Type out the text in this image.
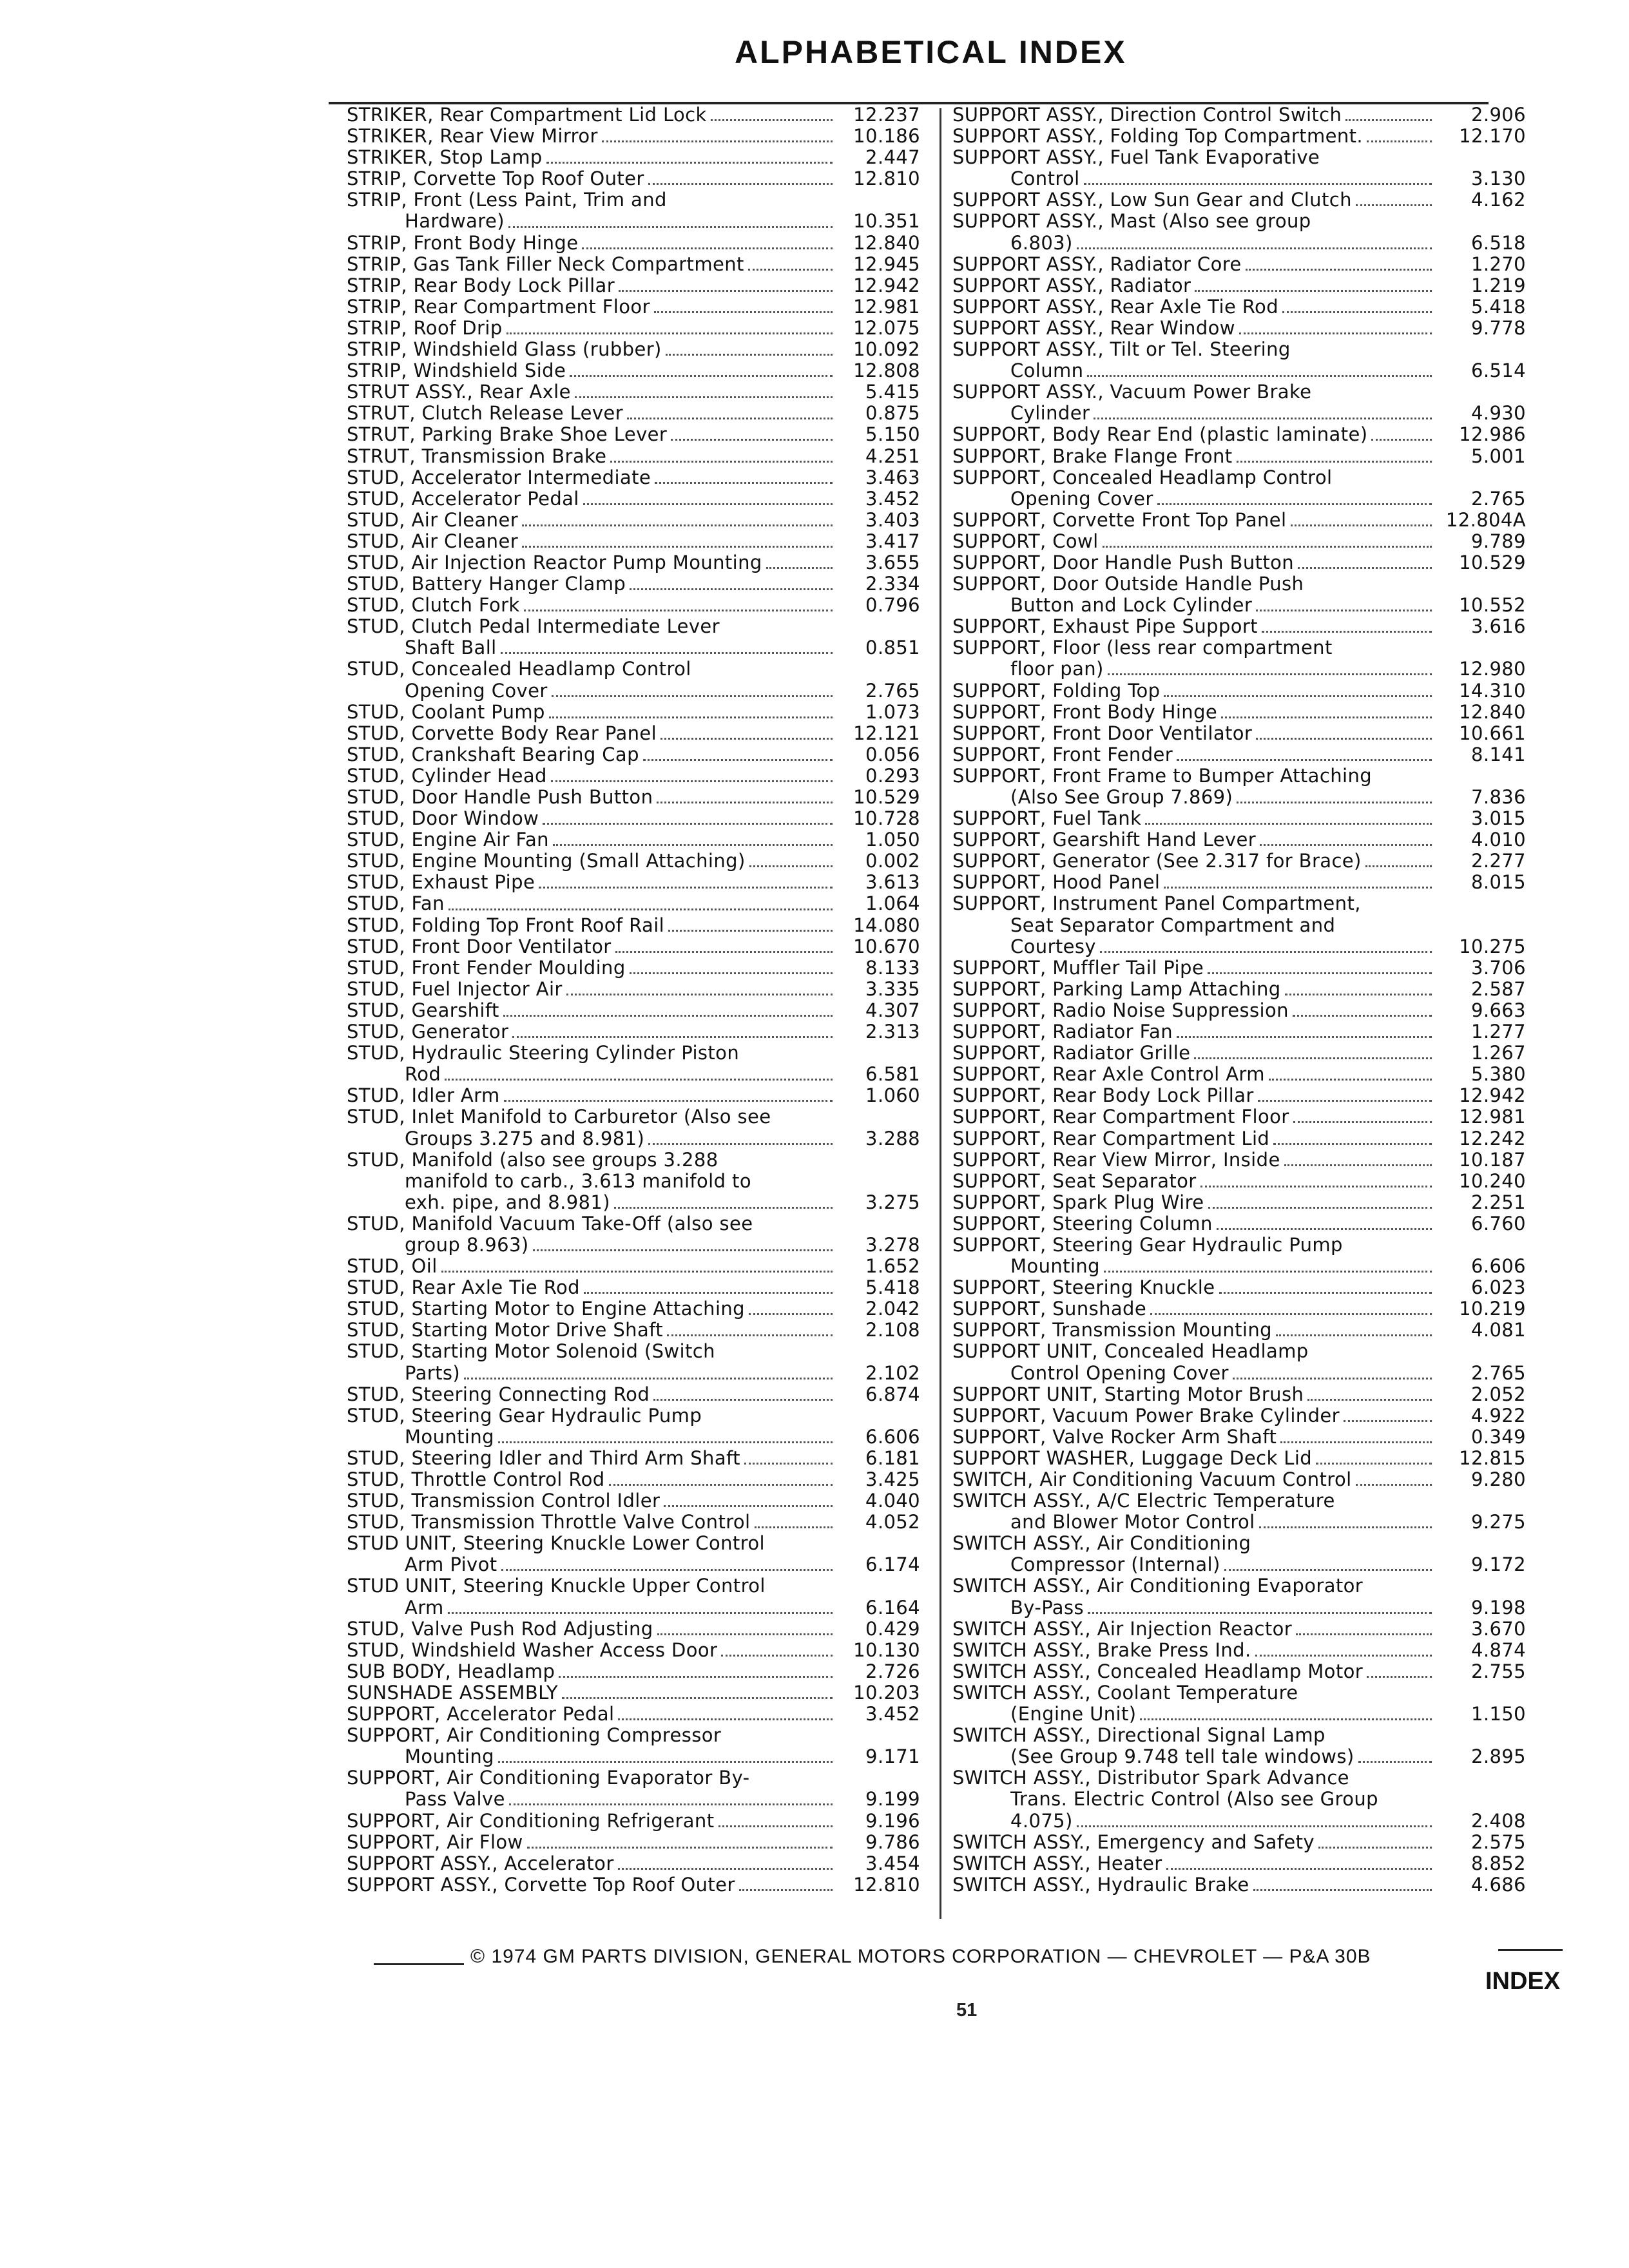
ALPHABETICAL INDEX
STRIKER, Rear Compartment Lid Lock	12.237
STRIKER, Rear View Mirror	10.186
STRIKER, Stop Lamp	2.447
STRIP, Corvette Top Roof Outer	12.810
STRIP, Front (Less Paint, Trim and
Hardware)	10.351
STRIP, Front Body Hinge	12.840
STRIP, Gas Tank Filler Neck Compartment	12.945
STRIP, Rear Body Lock Pillar	12.942
STRIP, Rear Compartment Floor	12.981
STRIP, Roof Drip	12.075
STRIP, Windshield Glass (rubber)	10.092
STRIP, Windshield Side	12.808
STRUT ASSY., Rear Axle	5.415
STRUT, Clutch Release Lever	0.875
STRUT, Parking Brake Shoe Lever	5.150
STRUT, Transmission Brake	4.251
STUD, Accelerator Intermediate	3.463
STUD, Accelerator Pedal	3.452
STUD, Air Cleaner	3.403
STUD, Air Cleaner	3.417
STUD, Air Injection Reactor Pump Mounting	3.655
STUD, Battery Hanger Clamp	2.334
STUD, Clutch Fork	0.796
STUD, Clutch Pedal Intermediate Lever
Shaft Ball	0.851
STUD, Concealed Headlamp Control
Opening Cover	2.765
STUD, Coolant Pump	1.073
STUD, Corvette Body Rear Panel	12.121
STUD, Crankshaft Bearing Cap	0.056
STUD, Cylinder Head	0.293
STUD, Door Handle Push Button	10.529
STUD, Door Window	10.728
STUD, Engine Air Fan	1.050
STUD, Engine Mounting (Small Attaching)	0.002
STUD, Exhaust Pipe	3.613
STUD, Fan	1.064
STUD, Folding Top Front Roof Rail	14.080
STUD, Front Door Ventilator	10.670
STUD, Front Fender Moulding	8.133
STUD, Fuel Injector Air	3.335
STUD, Gearshift	4.307
STUD, Generator	2.313
STUD, Hydraulic Steering Cylinder Piston
Rod	6.581
STUD, Idler Arm	1.060
STUD, Inlet Manifold to Carburetor (Also see
Groups 3.275 and 8.981)	3.288
STUD, Manifold (also see groups 3.288
manifold to carb., 3.613 manifold to
exh. pipe, and 8.981)	3.275
STUD, Manifold Vacuum Take-Off (also see
group 8.963)	3.278
STUD, Oil	1.652
STUD, Rear Axle Tie Rod	5.418
STUD, Starting Motor to Engine Attaching	2.042
STUD, Starting Motor Drive Shaft	2.108
STUD, Starting Motor Solenoid (Switch
Parts)	2.102
STUD, Steering Connecting Rod	6.874
STUD, Steering Gear Hydraulic Pump
Mounting	6.606
STUD, Steering Idler and Third Arm Shaft	6.181
STUD, Throttle Control Rod	3.425
STUD, Transmission Control Idler	4.040
STUD, Transmission Throttle Valve Control	4.052
STUD UNIT, Steering Knuckle Lower Control
Arm Pivot	6.174
STUD UNIT, Steering Knuckle Upper Control
Arm	6.164
STUD, Valve Push Rod Adjusting	0.429
STUD, Windshield Washer Access Door	10.130
SUB BODY, Headlamp	2.726
SUNSHADE ASSEMBLY	10.203
SUPPORT, Accelerator Pedal	3.452
SUPPORT, Air Conditioning Compressor
Mounting	9.171
SUPPORT, Air Conditioning Evaporator By-
Pass Valve	9.199
SUPPORT, Air Conditioning Refrigerant	9.196
SUPPORT, Air Flow	9.786
SUPPORT ASSY., Accelerator	3.454
SUPPORT ASSY., Corvette Top Roof Outer	12.810
SUPPORT ASSY., Direction Control Switch	2.906
SUPPORT ASSY., Folding Top Compartment.	12.170
SUPPORT ASSY., Fuel Tank Evaporative
Control	3.130
SUPPORT ASSY., Low Sun Gear and Clutch	4.162
SUPPORT ASSY., Mast (Also see group
6.803)	6.518
SUPPORT ASSY., Radiator Core	1.270
SUPPORT ASSY., Radiator	1.219
SUPPORT ASSY., Rear Axle Tie Rod	5.418
SUPPORT ASSY., Rear Window	9.778
SUPPORT ASSY., Tilt or Tel. Steering
Column	6.514
SUPPORT ASSY., Vacuum Power Brake
Cylinder	4.930
SUPPORT, Body Rear End (plastic laminate)	12.986
SUPPORT, Brake Flange Front	5.001
SUPPORT, Concealed Headlamp Control
Opening Cover	2.765
SUPPORT, Corvette Front Top Panel	12.804A
SUPPORT, Cowl	9.789
SUPPORT, Door Handle Push Button	10.529
SUPPORT, Door Outside Handle Push
Button and Lock Cylinder	10.552
SUPPORT, Exhaust Pipe Support	3.616
SUPPORT, Floor (less rear compartment
floor pan)	12.980
SUPPORT, Folding Top	14.310
SUPPORT, Front Body Hinge	12.840
SUPPORT, Front Door Ventilator	10.661
SUPPORT, Front Fender	8.141
SUPPORT, Front Frame to Bumper Attaching
(Also See Group 7.869)	7.836
SUPPORT, Fuel Tank	3.015
SUPPORT, Gearshift Hand Lever	4.010
SUPPORT, Generator (See 2.317 for Brace)	2.277
SUPPORT, Hood Panel	8.015
SUPPORT, Instrument Panel Compartment,
Seat Separator Compartment and
Courtesy	10.275
SUPPORT, Muffler Tail Pipe	3.706
SUPPORT, Parking Lamp Attaching	2.587
SUPPORT, Radio Noise Suppression	9.663
SUPPORT, Radiator Fan	1.277
SUPPORT, Radiator Grille	1.267
SUPPORT, Rear Axle Control Arm	5.380
SUPPORT, Rear Body Lock Pillar	12.942
SUPPORT, Rear Compartment Floor	12.981
SUPPORT, Rear Compartment Lid	12.242
SUPPORT, Rear View Mirror, Inside	10.187
SUPPORT, Seat Separator	10.240
SUPPORT, Spark Plug Wire	2.251
SUPPORT, Steering Column	6.760
SUPPORT, Steering Gear Hydraulic Pump
Mounting	6.606
SUPPORT, Steering Knuckle	6.023
SUPPORT, Sunshade	10.219
SUPPORT, Transmission Mounting	4.081
SUPPORT UNIT, Concealed Headlamp
Control Opening Cover	2.765
SUPPORT UNIT, Starting Motor Brush	2.052
SUPPORT, Vacuum Power Brake Cylinder	4.922
SUPPORT, Valve Rocker Arm Shaft	0.349
SUPPORT WASHER, Luggage Deck Lid	12.815
SWITCH, Air Conditioning Vacuum Control	9.280
SWITCH ASSY., A/C Electric Temperature
and Blower Motor Control	9.275
SWITCH ASSY., Air Conditioning
Compressor (Internal)	9.172
SWITCH ASSY., Air Conditioning Evaporator
By-Pass	9.198
SWITCH ASSY., Air Injection Reactor	3.670
SWITCH ASSY., Brake Press Ind.	4.874
SWITCH ASSY., Concealed Headlamp Motor	2.755
SWITCH ASSY., Coolant Temperature
(Engine Unit)	1.150
SWITCH ASSY., Directional Signal Lamp
(See Group 9.748 tell tale windows)	2.895
SWITCH ASSY., Distributor Spark Advance
Trans. Electric Control (Also see Group
4.075)	2.408
SWITCH ASSY., Emergency and Safety	2.575
SWITCH ASSY., Heater	8.852
SWITCH ASSY., Hydraulic Brake	4.686
© 1974 GM PARTS DIVISION, GENERAL MOTORS CORPORATION — CHEVROLET — P&A 30B
INDEX
51
